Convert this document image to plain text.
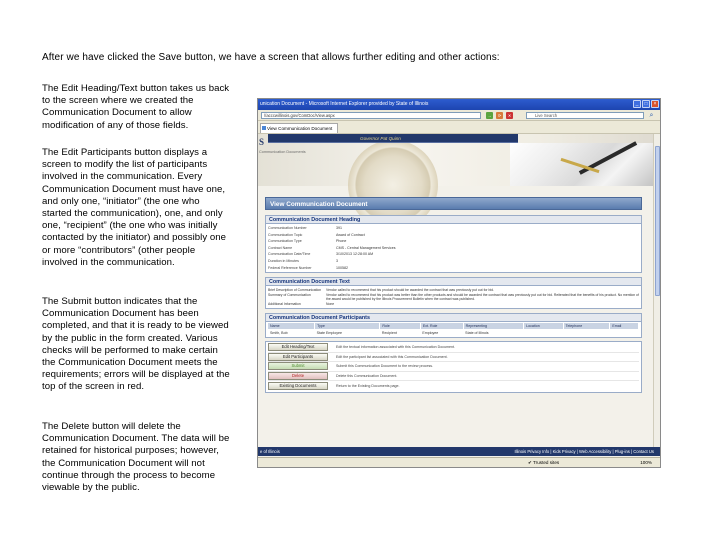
After we have clicked the Save button, we have a screen that allows further editing and other actions:
The Edit Heading/Text button takes us back to the screen where we created the Communication Document to allow modification of any of those fields.
The Edit Participants button displays a screen to modify the list of participants involved in the communication. Every Communication Document must have one, and only one, “initiator” (the one who started the communication), one, and only one, “recipient” (the one who was initially contacted by the initiator) and possibly one or more “contributors” (other people involved in the communication.
The Submit button indicates that the Communication Document has been completed, and that it is ready to be viewed by the public in the form created. Various checks will be performed to make certain the Communication Document meets the requirements; errors will be displayed at the top of the screen in red.
The Delete button will delete the Communication Document. The data will be retained for historical purposes; however, the Communication Document will not continue through the process to become viewable by the public.
unication Document - Microsoft Internet Explorer provided by State of Illinois	_	□	×
//acccwillinois.gov/ComDoc/View.aspx	→	⟳	✕	Live Search	⌕
View Communication Document
Governor Pat Quinn
S
Communication Documents
View Communication Document
Communication Document Heading
Communication Number	391
Communication Topic	Award of Contract
Communication Type	Phone
Contract Name	CMS - Central Management Services
Communication Date/Time	3/10/2013 12:28:00 AM
Duration in Minutes	3
Federal Reference Number	100582
Communication Document Text
Brief Description of Communication	Vendor called to recommend that his product should be awarded the contract that was previously put out for bid.
Summary of Communication	Vendor called to recommend that his product was better than the other products and should be awarded the contract that was previously put out for bid. Reiterated that the benefits of his product. No mention of the award would be published by the Illinois Procurement Bulletin when the contract was published.
Additional Information	None
Communication Document Participants
Name	Type	Role	Ext. Role	Representing	Location	Telephone	Email
Smith, Bob	State Employee	Recipient	Employee	State of Illinois			
Edit Heading/Text	Edit the textual information associated with this Communication Document.
Edit Participants	Edit the participant list associated with this Communication Document.
Submit	Submit this Communication Document to the review process.
Delete	Delete this Communication Document.
Existing Documents	Return to the Existing Documents page.
e of Illinois	Illinois Privacy Info | Kids Privacy | Web Accessibility | Plug-ins | Contact Us
✔ Trusted sites	100%
